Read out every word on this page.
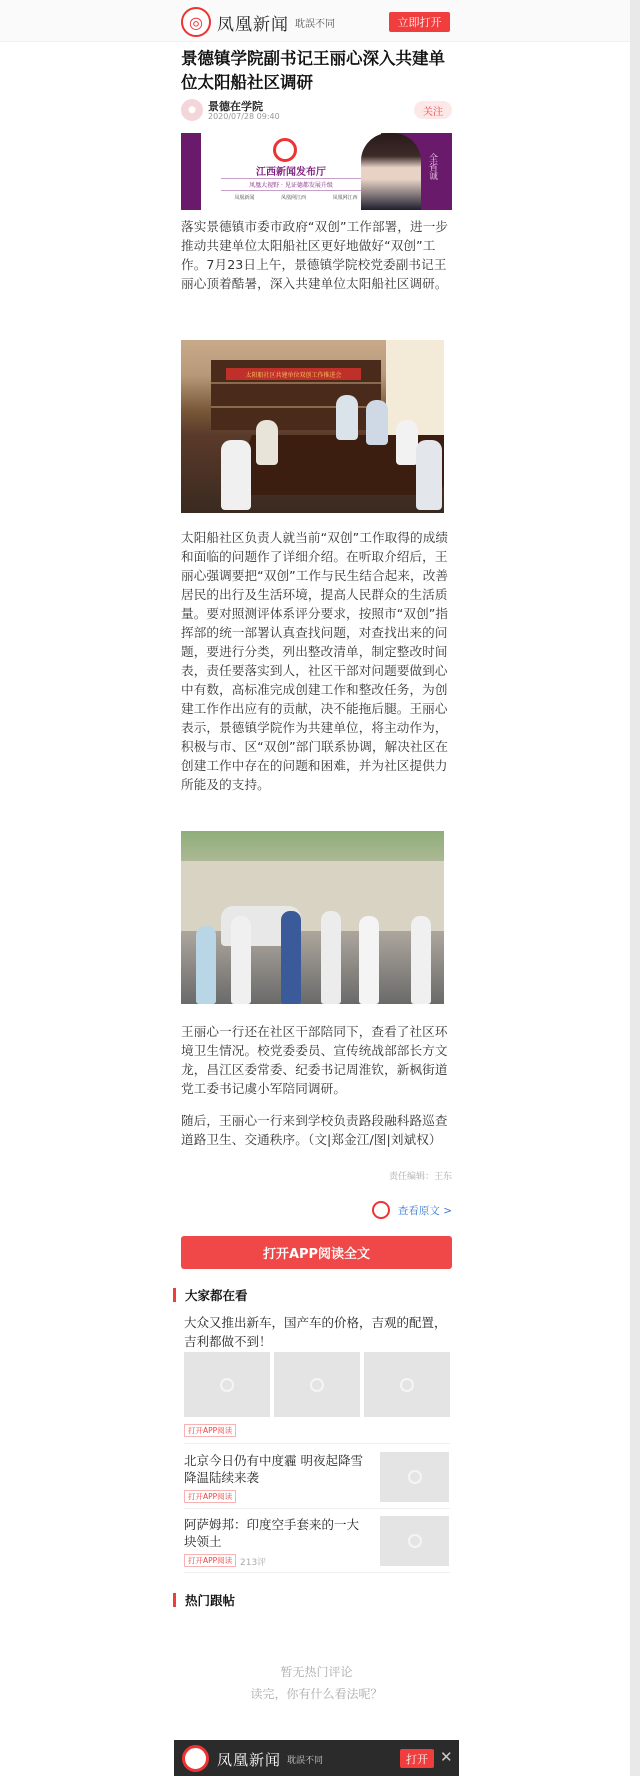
◎ 凤凰新闻 耽誤不同	立即打开
景德镇学院副书记王丽心深入共建单位太阳船社区调研
●	景德在学院
2020/07/28 09:40	关注
江西新闻发布厅
凤凰大视野 · 见证德都发展升级
凤凰新闻	凤凰网江西	凤凰网江西
全省诚

落实景德镇市委市政府“双创”工作部署，进一步推动共建单位太阳船社区更好地做好“双创”工作。7月23日上午，景德镇学院校党委副书记王丽心顶着酷暑，深入共建单位太阳船社区调研。

太阳船社区共建单位双创工作推进会

太阳船社区负责人就当前“双创”工作取得的成绩和面临的问题作了详细介绍。在听取介绍后，王丽心强调要把“双创”工作与民生结合起来，改善居民的出行及生活环境，提高人民群众的生活质量。要对照测评体系评分要求，按照市“双创”指挥部的统一部署认真查找问题，对查找出来的问题，要进行分类，列出整改清单，制定整改时间表，责任要落实到人，社区干部对问题要做到心中有数，高标准完成创建工作和整改任务，为创建工作作出应有的贡献，决不能拖后腿。王丽心表示，景德镇学院作为共建单位，将主动作为，积极与市、区“双创”部门联系协调，解决社区在创建工作中存在的问题和困难，并为社区提供力所能及的支持。

王丽心一行还在社区干部陪同下，查看了社区环境卫生情况。校党委委员、宣传统战部部长方文龙，昌江区委常委、纪委书记周淮钦，新枫街道党工委书记虞小军陪同调研。

随后，王丽心一行来到学校负责路段融科路巡查道路卫生、交通秩序。（文|郑金江/图|刘斌权）

责任编辑：王东
查看原文 >
打开APP阅读全文
大家都在看
大众又推出新车，国产车的价格，吉观的配置，吉利都做不到！
打开APP阅读
北京今日仍有中度霾 明夜起降雪降温陆续来袭
打开APP阅读
阿萨姆邦：印度空手套来的一大块领土
打开APP阅读 213评
热门跟帖
暂无热门评论
读完，你有什么看法呢？
凤凰新闻 耽誤不同	打开 ✕
